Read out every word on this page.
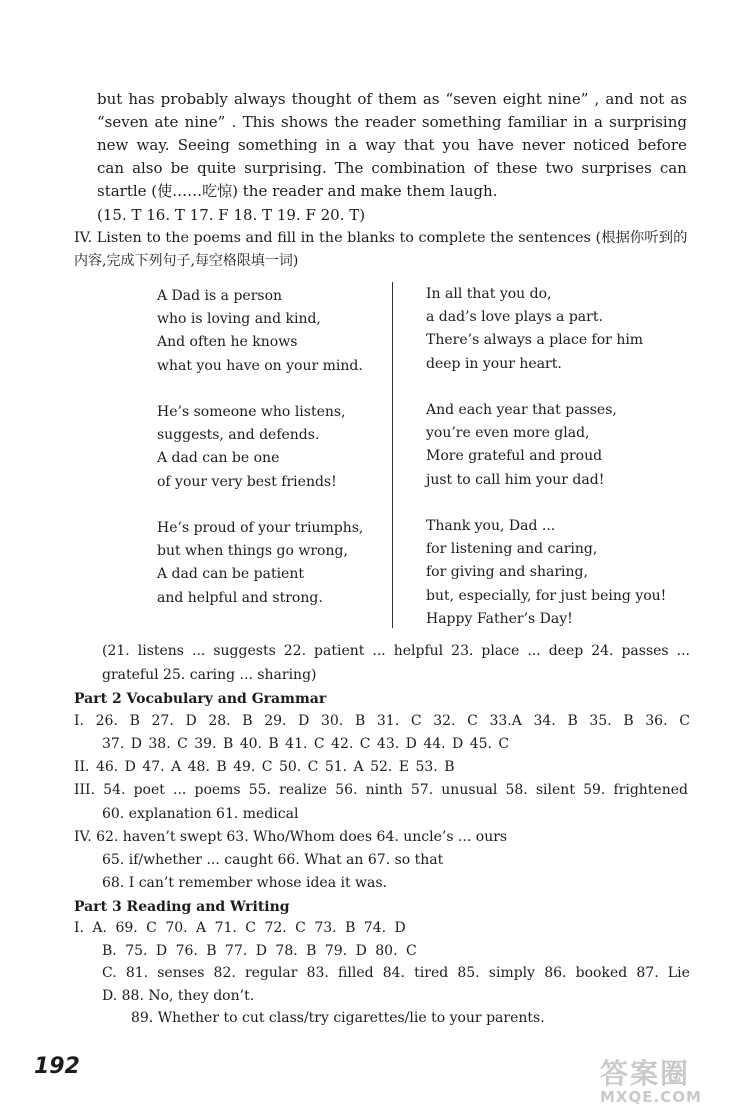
but has probably always thought of them as “seven eight nine” , and not as
“seven ate nine” . This shows the reader something familiar in a surprising
new way. Seeing something in a way that you have never noticed before
can also be quite surprising. The combination of these two surprises can
startle (使……吃惊) the reader and make them laugh.
(15. T 16. T 17. F 18. T 19. F 20. T)
IV. Listen to the poems and fill in the blanks to complete the sentences (根据你听到的
内容,完成下列句子,每空格限填一词)
A Dad is a person
who is loving and kind,
And often he knows
what you have on your mind.
He’s someone who listens,
suggests, and defends.
A dad can be one
of your very best friends!
He’s proud of your triumphs,
but when things go wrong,
A dad can be patient
and helpful and strong.
In all that you do,
a dad’s love plays a part.
There’s always a place for him
deep in your heart.
And each year that passes,
you’re even more glad,
More grateful and proud
just to call him your dad!
Thank you, Dad ...
for listening and caring,
for giving and sharing,
but, especially, for just being you!
Happy Father’s Day!
(21. listens ... suggests 22. patient ... helpful 23. place ... deep 24. passes ...
grateful 25. caring ... sharing)
Part 2 Vocabulary and Grammar
I. 26. B 27. D 28. B 29. D 30. B 31. C 32. C 33.A 34. B 35. B 36. C
37. D 38. C 39. B 40. B 41. C 42. C 43. D 44. D 45. C
II. 46. D 47. A 48. B 49. C 50. C 51. A 52. E 53. B
III. 54. poet ... poems 55. realize 56. ninth 57. unusual 58. silent 59. frightened
60. explanation 61. medical
IV. 62. haven’t swept 63. Who/Whom does 64. uncle’s ... ours
65. if/whether ... caught 66. What an 67. so that
68. I can’t remember whose idea it was.
Part 3 Reading and Writing
I. A. 69. C 70. A 71. C 72. C 73. B 74. D
B. 75. D 76. B 77. D 78. B 79. D 80. C
C. 81. senses 82. regular 83. filled 84. tired 85. simply 86. booked 87. Lie
D. 88. No, they don’t.
89. Whether to cut class/try cigarettes/lie to your parents.
192	答案圈
MXQE.COM
